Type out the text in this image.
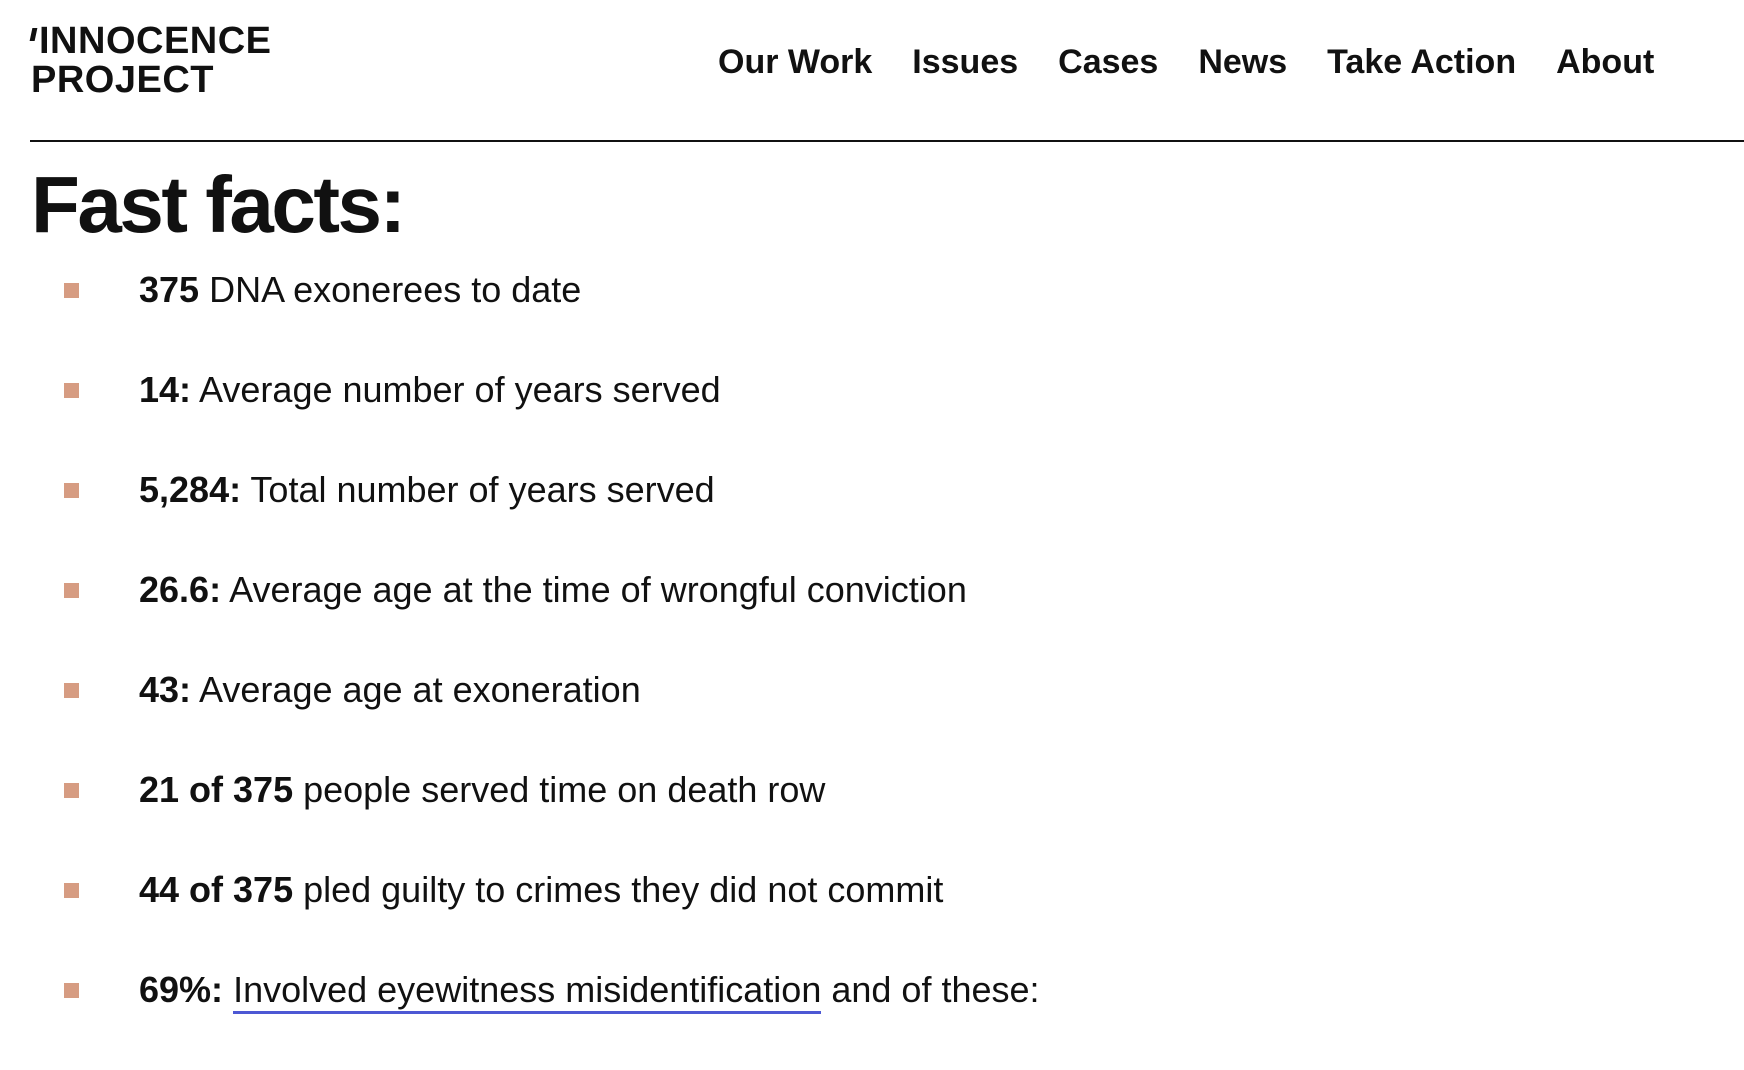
INNOCENCE
PROJECT	Our Work Issues Cases News Take Action About
Fast facts:
375 DNA exonerees to date
14: Average number of years served
5,284: Total number of years served
26.6: Average age at the time of wrongful conviction
43: Average age at exoneration
21 of 375 people served time on death row
44 of 375 pled guilty to crimes they did not commit
69%: Involved eyewitness misidentification and of these:
